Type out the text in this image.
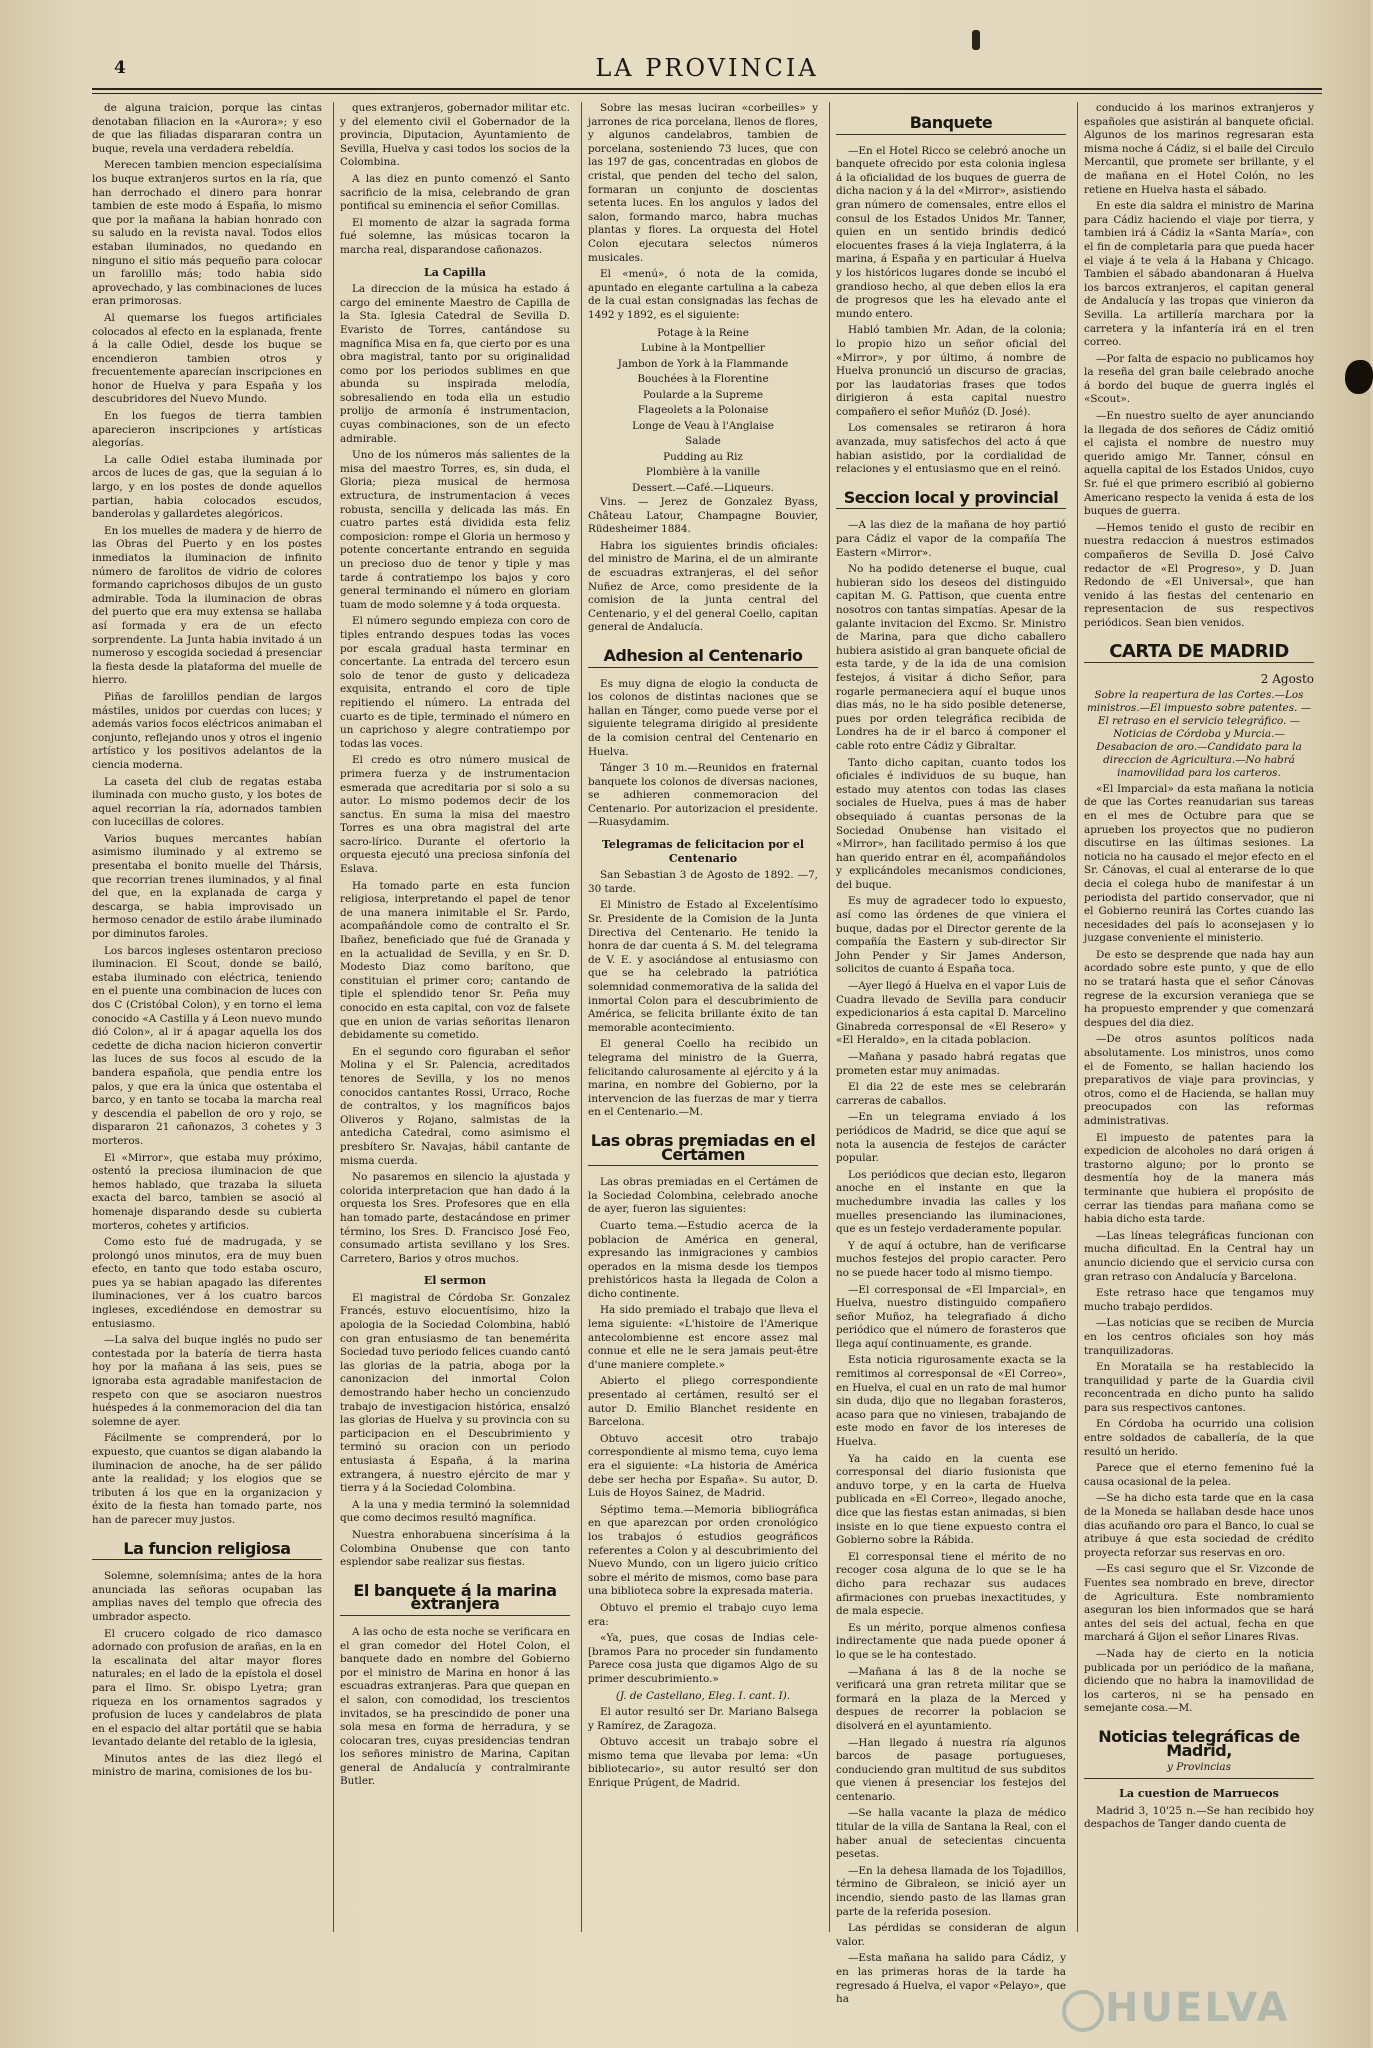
4	LA PROVINCIA

de alguna traicion, porque las cintas denotaban filiacion en la «Aurora»; y eso de que las filiadas dispararan contra un buque, revela una verdadera rebeldía.

Merecen tambien mencion especialísima los buque extranjeros surtos en la ría, que han derrochado el dinero para honrar tambien de este modo á España, lo mismo que por la mañana la habian honrado con su saludo en la revista naval. Todos ellos estaban iluminados, no quedando en ninguno el sitio más pequeño para colocar un farolillo más; todo habia sido aprovechado, y las combinaciones de luces eran primorosas.

Al quemarse los fuegos artificiales colocados al efecto en la esplanada, frente á la calle Odiel, desde los buque se encendieron tambien otros y frecuentemente aparecían inscripciones en honor de Huelva y para España y los descubridores del Nuevo Mundo.

En los fuegos de tierra tambien aparecieron inscripciones y artísticas alegorías.

La calle Odiel estaba iluminada por arcos de luces de gas, que la seguian á lo largo, y en los postes de donde aquellos partian, habia colocados escudos, banderolas y gallardetes alegóricos.

En los muelles de madera y de hierro de las Obras del Puerto y en los postes inmediatos la iluminacion de infinito número de farolitos de vidrio de colores formando caprichosos dibujos de un gusto admirable. Toda la iluminacion de obras del puerto que era muy extensa se hallaba así formada y era de un efecto sorprendente. La Junta habia invitado á un numeroso y escogida sociedad á presenciar la fiesta desde la plataforma del muelle de hierro.

Piñas de farolillos pendian de largos mástiles, unidos por cuerdas con luces; y además varios focos eléctricos animaban el conjunto, reflejando unos y otros el ingenio artístico y los positivos adelantos de la ciencia moderna.

La caseta del club de regatas estaba iluminada con mucho gusto, y los botes de aquel recorrian la ría, adornados tambien con lucecillas de colores.

Varios buques mercantes habían asimismo iluminado y al extremo se presentaba el bonito muelle del Thársis, que recorrian trenes iluminados, y al final del que, en la explanada de carga y descarga, se habia improvisado un hermoso cenador de estilo árabe iluminado por diminutos faroles.

Los barcos ingleses ostentaron precioso iluminacion. El Scout, donde se bailó, estaba iluminado con eléctrica, teniendo en el puente una combinacion de luces con dos C (Cristóbal Colon), y en torno el lema conocido «A Castilla y á Leon nuevo mundo dió Colon», al ir á apagar aquella los dos cedette de dicha nacion hicieron convertir las luces de sus focos al escudo de la bandera española, que pendia entre los palos, y que era la única que ostentaba el barco, y en tanto se tocaba la marcha real y descendia el pabellon de oro y rojo, se dispararon 21 cañonazos, 3 cohetes y 3 morteros.

El «Mirror», que estaba muy próximo, ostentó la preciosa iluminacion de que hemos hablado, que trazaba la silueta exacta del barco, tambien se asoció al homenaje disparando desde su cubierta morteros, cohetes y artificios.

Como esto fué de madrugada, y se prolongó unos minutos, era de muy buen efecto, en tanto que todo estaba oscuro, pues ya se habian apagado las diferentes iluminaciones, ver á los cuatro barcos ingleses, excediéndose en demostrar su entusiasmo.

—La salva del buque inglés no pudo ser contestada por la batería de tierra hasta hoy por la mañana á las seis, pues se ignoraba esta agradable manifestacion de respeto con que se asociaron nuestros huéspedes á la conmemoracion del dia tan solemne de ayer.

Fácilmente se comprenderá, por lo expuesto, que cuantos se digan alabando la iluminacion de anoche, ha de ser pálido ante la realidad; y los elogios que se tributen á los que en la organizacion y éxito de la fiesta han tomado parte, nos han de parecer muy justos.

La funcion religiosa

Solemne, solemnísima; antes de la hora anunciada las señoras ocupaban las amplias naves del templo que ofrecia des umbrador aspecto.

El crucero colgado de rico damasco adornado con profusion de arañas, en la en la escalinata del altar mayor flores naturales; en el lado de la epístola el dosel para el Ilmo. Sr. obispo Lyetra; gran riqueza en los ornamentos sagrados y profusion de luces y candelabros de plata en el espacio del altar portátil que se habia levantado delante del retablo de la iglesia,

Minutos antes de las diez llegó el ministro de marina, comisiones de los bu-

ques extranjeros, gobernador militar etc. y del elemento civil el Gobernador de la provincia, Diputacion, Ayuntamiento de Sevilla, Huelva y casi todos los socios de la Colombina.

A las diez en punto comenzó el Santo sacrificio de la misa, celebrando de gran pontifical su eminencia el señor Comillas.

El momento de alzar la sagrada forma fué solemne, las músicas tocaron la marcha real, disparandose cañonazos.

La Capilla

La direccion de la música ha estado á cargo del eminente Maestro de Capilla de la Sta. Iglesia Catedral de Sevilla D. Evaristo de Torres, cantándose su magnífica Misa en fa, que cierto por es una obra magistral, tanto por su originalidad como por los periodos sublimes en que abunda su inspirada melodía, sobresaliendo en toda ella un estudio prolijo de armonía é instrumentacion, cuyas combinaciones, son de un efecto admirable.

Uno de los números más salientes de la misa del maestro Torres, es, sin duda, el Gloria; pieza musical de hermosa extructura, de instrumentacion á veces robusta, sencilla y delicada las más. En cuatro partes está dividida esta feliz composicion: rompe el Gloria un hermoso y potente concertante entrando en seguida un precioso duo de tenor y tiple y mas tarde á contratiempo los bajos y coro general terminando el número en gloriam tuam de modo solemne y á toda orquesta.

El número segundo empieza con coro de tiples entrando despues todas las voces por escala gradual hasta terminar en concertante. La entrada del tercero esun solo de tenor de gusto y delicadeza exquisita, entrando el coro de tiple repitiendo el número. La entrada del cuarto es de tiple, terminado el número en un caprichoso y alegre contratiempo por todas las voces.

El credo es otro número musical de primera fuerza y de instrumentacion esmerada que acreditaria por si solo a su autor. Lo mismo podemos decir de los sanctus. En suma la misa del maestro Torres es una obra magistral del arte sacro-lírico. Durante el ofertorio la orquesta ejecutó una preciosa sinfonía del Eslava.

Ha tomado parte en esta funcion religiosa, interpretando el papel de tenor de una manera inimitable el Sr. Pardo, acompañándole como de contralto el Sr. Ibañez, beneficiado que fué de Granada y en la actualidad de Sevilla, y en Sr. D. Modesto Diaz como barítono, que constituian el primer coro; cantando de tiple el splendido tenor Sr. Peña muy conocido en esta capital, con voz de falsete que en union de varias señoritas llenaron debidamente su cometido.

En el segundo coro figuraban el señor Molina y el Sr. Palencia, acreditados tenores de Sevilla, y los no menos conocidos cantantes Rossi, Urraco, Roche de contraltos, y los magníficos bajos Oliveros y Rojano, salmistas de la antedicha Catedral, como asimismo el presbítero Sr. Navajas, hábil cantante de misma cuerda.

No pasaremos en silencio la ajustada y colorida interpretacion que han dado á la orquesta los Sres. Profesores que en ella han tomado parte, destacándose en primer término, los Sres. D. Francisco José Feo, consumado artista sevillano y los Sres. Carretero, Barios y otros muchos.

El sermon

El magistral de Córdoba Sr. Gonzalez Francés, estuvo elocuentísimo, hizo la apologia de la Sociedad Colombina, habló con gran entusiasmo de tan benemérita Sociedad tuvo periodo felices cuando cantó las glorias de la patria, aboga por la canonizacion del inmortal Colon demostrando haber hecho un concienzudo trabajo de investigacion histórica, ensalzó las glorias de Huelva y su provincia con su participacion en el Descubrimiento y terminó su oracion con un periodo entusiasta á España, á la marina extrangera, á nuestro ejército de mar y tierra y á la Sociedad Colombina.

A la una y media terminó la solemnidad que como decimos resultó magnífica.

Nuestra enhorabuena sincerísima á la Colombina Onubense que con tanto esplendor sabe realizar sus fiestas.

El banquete á la marina extranjera

A las ocho de esta noche se verificara en el gran comedor del Hotel Colon, el banquete dado en nombre del Gobierno por el ministro de Marina en honor á las escuadras extranjeras. Para que quepan en el salon, con comodidad, los trescientos invitados, se ha prescindido de poner una sola mesa en forma de herradura, y se colocaran tres, cuyas presidencias tendran los señores ministro de Marina, Capitan general de Andalucía y contralmirante Butler.

Sobre las mesas luciran «corbeilles» y jarrones de rica porcelana, llenos de flores, y algunos candelabros, tambien de porcelana, sosteniendo 73 luces, que con las 197 de gas, concentradas en globos de cristal, que penden del techo del salon, formaran un conjunto de doscientas setenta luces. En los angulos y lados del salon, formando marco, habra muchas plantas y flores. La orquesta del Hotel Colon ejecutara selectos números musicales.

El «menú», ó nota de la comida, apuntado en elegante cartulina a la cabeza de la cual estan consignadas las fechas de 1492 y 1892, es el siguiente:

Potage à la Reine

Lubine à la Montpellier

Jambon de York à la Flammande

Bouchées à la Florentine

Poularde a la Supreme

Flageolets a la Polonaise

Longe de Veau à l'Anglaise

Salade

Pudding au Riz

Plombière à la vanille

Dessert.—Café.—Liqueurs.

Vins. — Jerez de Gonzalez Byass, Château Latour, Champagne Bouvier, Rüdesheimer 1884.

Habra los siguientes brindis oficiales: del ministro de Marina, el de un almirante de escuadras extranjeras, el del señor Nuñez de Arce, como presidente de la comision de la junta central del Centenario, y el del general Coello, capitan general de Andalucía.

Adhesion al Centenario

Es muy digna de elogio la conducta de los colonos de distintas naciones que se hallan en Tánger, como puede verse por el siguiente telegrama dirigido al presidente de la comision central del Centenario en Huelva.

Tánger 3 10 m.—Reunidos en fraternal banquete los colonos de diversas naciones, se adhieren conmemoracion del Centenario. Por autorizacion el presidente.—Ruasydamim.

Telegramas de felicitacion por el Centenario

San Sebastian 3 de Agosto de 1892. —7, 30 tarde.

El Ministro de Estado al Excelentísimo Sr. Presidente de la Comision de la Junta Directiva del Centenario. He tenido la honra de dar cuenta á S. M. del telegrama de V. E. y asociándose al entusiasmo con que se ha celebrado la patriótica solemnidad conmemorativa de la salida del inmortal Colon para el descubrimiento de América, se felicita brillante éxito de tan memorable acontecimiento.

El general Coello ha recibido un telegrama del ministro de la Guerra, felicitando calurosamente al ejército y á la marina, en nombre del Gobierno, por la intervencion de las fuerzas de mar y tierra en el Centenario.—M.

Las obras premiadas en el Certámen

Las obras premiadas en el Certámen de la Sociedad Colombina, celebrado anoche de ayer, fueron las siguientes:

Cuarto tema.—Estudio acerca de la poblacion de América en general, expresando las inmigraciones y cambios operados en la misma desde los tiempos prehistóricos hasta la llegada de Colon a dicho continente.

Ha sido premiado el trabajo que lleva el lema siguiente: «L'histoire de l'Amerique antecolombienne est encore assez mal connue et elle ne le sera jamais peut-être d'une maniere complete.»

Abierto el pliego correspondiente presentado al certámen, resultó ser el autor D. Emilio Blanchet residente en Barcelona.

Obtuvo accesit otro trabajo correspondiente al mismo tema, cuyo lema era el siguiente: «La historia de América debe ser hecha por España». Su autor, D. Luis de Hoyos Sainez, de Madrid.

Séptimo tema.—Memoria bibliográfica en que aparezcan por orden cronológico los trabajos ó estudios geográficos referentes a Colon y al descubrimiento del Nuevo Mundo, con un ligero juicio crítico sobre el mérito de mismos, como base para una biblioteca sobre la expresada materia.

Obtuvo el premio el trabajo cuyo lema era:

«Ya, pues, que cosas de Indias cele- [bramos Para no proceder sin fundamento Parece cosa justa que digamos Algo de su primer descubrimiento.»

(J. de Castellano, Eleg. I. cant. I).

El autor resultó ser Dr. Mariano Balsega y Ramírez, de Zaragoza.

Obtuvo accesit un trabajo sobre el mismo tema que llevaba por lema: «Un bibliotecario», su autor resultó ser don Enrique Prúgent, de Madrid.

Banquete

—En el Hotel Ricco se celebró anoche un banquete ofrecido por esta colonia inglesa á la oficialidad de los buques de guerra de dicha nacion y á la del «Mirror», asistiendo gran número de comensales, entre ellos el consul de los Estados Unidos Mr. Tanner, quien en un sentido brindis dedicó elocuentes frases á la vieja Inglaterra, á la marina, á España y en particular á Huelva y los históricos lugares donde se incubó el grandioso hecho, al que deben ellos la era de progresos que les ha elevado ante el mundo entero.

Habló tambien Mr. Adan, de la colonia; lo propio hizo un señor oficial del «Mirror», y por último, á nombre de Huelva pronunció un discurso de gracias, por las laudatorias frases que todos dirigieron á esta capital nuestro compañero el señor Muñóz (D. José).

Los comensales se retiraron á hora avanzada, muy satisfechos del acto á que habian asistido, por la cordialidad de relaciones y el entusiasmo que en el reinó.

Seccion local y provincial

—A las diez de la mañana de hoy partió para Cádiz el vapor de la compañía The Eastern «Mirror».

No ha podido detenerse el buque, cual hubieran sido los deseos del distinguido capitan M. G. Pattison, que cuenta entre nosotros con tantas simpatías. Apesar de la galante invitacion del Excmo. Sr. Ministro de Marina, para que dicho caballero hubiera asistido al gran banquete oficial de esta tarde, y de la ida de una comision festejos, á visitar á dicho Señor, para rogarle permaneciera aquí el buque unos dias más, no le ha sido posible detenerse, pues por orden telegráfica recibida de Londres ha de ir el barco á componer el cable roto entre Cádiz y Gibraltar.

Tanto dicho capitan, cuanto todos los oficiales é individuos de su buque, han estado muy atentos con todas las clases sociales de Huelva, pues á mas de haber obsequiado á cuantas personas de la Sociedad Onubense han visitado el «Mirror», han facilitado permiso á los que han querido entrar en él, acompañándolos y explicándoles mecanismos condiciones, del buque.

Es muy de agradecer todo lo expuesto, así como las órdenes de que viniera el buque, dadas por el Director gerente de la compañía the Eastern y sub-director Sir John Pender y Sir James Anderson, solicitos de cuanto á España toca.

—Ayer llegó á Huelva en el vapor Luis de Cuadra llevado de Sevilla para conducir expedicionarios á esta capital D. Marcelino Ginabreda corresponsal de «El Resero» y «El Heraldo», en la citada poblacion.

—Mañana y pasado habrá regatas que prometen estar muy animadas.

El dia 22 de este mes se celebrarán carreras de caballos.

—En un telegrama enviado á los periódicos de Madrid, se dice que aquí se nota la ausencia de festejos de carácter popular.

Los periódicos que decian esto, llegaron anoche en el instante en que la muchedumbre invadia las calles y los muelles presenciando las iluminaciones, que es un festejo verdaderamente popular.

Y de aquí á octubre, han de verificarse muchos festejos del propio caracter. Pero no se puede hacer todo al mismo tiempo.

—El corresponsal de «El Imparcial», en Huelva, nuestro distinguido compañero señor Muñoz, ha telegrafiado á dicho periódico que el número de forasteros que llega aquí continuamente, es grande.

Esta noticia rigurosamente exacta se la remitimos al corresponsal de «El Correo», en Huelva, el cual en un rato de mal humor sin duda, dijo que no llegaban forasteros, acaso para que no viniesen, trabajando de este modo en favor de los intereses de Huelva.

Ya ha caido en la cuenta ese corresponsal del diario fusionista que anduvo torpe, y en la carta de Huelva publicada en «El Correo», llegado anoche, dice que las fiestas estan animadas, si bien insiste en lo que tiene expuesto contra el Gobierno sobre la Rábida.

El corresponsal tiene el mérito de no recoger cosa alguna de lo que se le ha dicho para rechazar sus audaces afirmaciones con pruebas inexactitudes, y de mala especie.

Es un mérito, porque almenos confiesa indirectamente que nada puede oponer á lo que se le ha contestado.

—Mañana á las 8 de la noche se verificará una gran retreta militar que se formará en la plaza de la Merced y despues de recorrer la poblacion se disolverá en el ayuntamiento.

—Han llegado á nuestra ría algunos barcos de pasage portugueses, conduciendo gran multitud de sus subditos que vienen á presenciar los festejos del centenario.

—Se halla vacante la plaza de médico titular de la villa de Santana la Real, con el haber anual de setecientas cincuenta pesetas.

—En la dehesa llamada de los Tojadillos, término de Gibraleon, se inició ayer un incendio, siendo pasto de las llamas gran parte de la referida posesion.

Las pérdidas se consideran de algun valor.

—Esta mañana ha salido para Cádiz, y en las primeras horas de la tarde ha regresado á Huelva, el vapor «Pelayo», que ha

conducido á los marinos extranjeros y españoles que asistirán al banquete oficial. Algunos de los marinos regresaran esta misma noche á Cádiz, si el baile del Circulo Mercantil, que promete ser brillante, y el de mañana en el Hotel Colón, no les retiene en Huelva hasta el sábado.

En este dia saldra el ministro de Marina para Cádiz haciendo el viaje por tierra, y tambien irá á Cádiz la «Santa María», con el fin de completarla para que pueda hacer el viaje á te vela á la Habana y Chicago. Tambien el sábado abandonaran á Huelva los barcos extranjeros, el capitan general de Andalucía y las tropas que vinieron da Sevilla. La artillería marchara por la carretera y la infantería irá en el tren correo.

—Por falta de espacio no publicamos hoy la reseña del gran baile celebrado anoche á bordo del buque de guerra inglés el «Scout».

—En nuestro suelto de ayer anunciando la llegada de dos señores de Cádiz omitió el cajista el nombre de nuestro muy querido amigo Mr. Tanner, cónsul en aquella capital de los Estados Unidos, cuyo Sr. fué el que primero escribió al gobierno Americano respecto la venida á esta de los buques de guerra.

—Hemos tenido el gusto de recibir en nuestra redaccion á nuestros estimados compañeros de Sevilla D. José Calvo redactor de «El Progreso», y D. Juan Redondo de «El Universal», que han venido á las fiestas del centenario en representacion de sus respectivos periódicos. Sean bien venidos.

CARTA DE MADRID

2 Agosto

Sobre la reapertura de las Cortes.—Los ministros.—El impuesto sobre patentes. —El retraso en el servicio telegráfico. —Noticias de Córdoba y Murcia.—Desabacion de oro.—Candidato para la direccion de Agricultura.—No habrá inamovilidad para los carteros.

«El Imparcial» da esta mañana la noticia de que las Cortes reanudarian sus tareas en el mes de Octubre para que se aprueben los proyectos que no pudieron discutirse en las últimas sesiones. La noticia no ha causado el mejor efecto en el Sr. Cánovas, el cual al enterarse de lo que decia el colega hubo de manifestar á un periodista del partido conservador, que ni el Gobierno reunirá las Cortes cuando las necesidades del país lo aconsejasen y lo juzgase conveniente el ministerio.

De esto se desprende que nada hay aun acordado sobre este punto, y que de ello no se tratará hasta que el señor Cánovas regrese de la excursion veraniega que se ha propuesto emprender y que comenzará despues del dia diez.

—De otros asuntos políticos nada absolutamente. Los ministros, unos como el de Fomento, se hallan haciendo los preparativos de viaje para provincias, y otros, como el de Hacienda, se hallan muy preocupados con las reformas administrativas.

El impuesto de patentes para la expedicion de alcoholes no dará origen á trastorno alguno; por lo pronto se desmentía hoy de la manera más terminante que hubiera el propósito de cerrar las tiendas para mañana como se habia dicho esta tarde.

—Las líneas telegráficas funcionan con mucha dificultad. En la Central hay un anuncio diciendo que el servicio cursa con gran retraso con Andalucía y Barcelona.

Este retraso hace que tengamos muy mucho trabajo perdidos.

—Las noticias que se reciben de Murcia en los centros oficiales son hoy más tranquilizadoras.

En Morataila se ha restablecido la tranquilidad y parte de la Guardia civil reconcentrada en dicho punto ha salido para sus respectivos cantones.

En Córdoba ha ocurrido una colision entre soldados de caballería, de la que resultó un herido.

Parece que el eterno femenino fué la causa ocasional de la pelea.

—Se ha dicho esta tarde que en la casa de la Moneda se hallaban desde hace unos dias acuñando oro para el Banco, lo cual se atribuye á que esta sociedad de crédito proyecta reforzar sus reservas en oro.

—Es casi seguro que el Sr. Vizconde de Fuentes sea nombrado en breve, director de Agricultura. Este nombramiento aseguran los bien informados que se hará antes del seis del actual, fecha en que marchará á Gijon el señor Linares Rivas.

—Nada hay de cierto en la noticia publicada por un periódico de la mañana, diciendo que no habra la inamovilidad de los carteros, ni se ha pensado en semejante cosa.—M.

Noticias telegráficas de Madrid,

y Provincias

La cuestion de Marruecos

Madrid 3, 10'25 n.—Se han recibido hoy despachos de Tanger dando cuenta de

HUELVA
